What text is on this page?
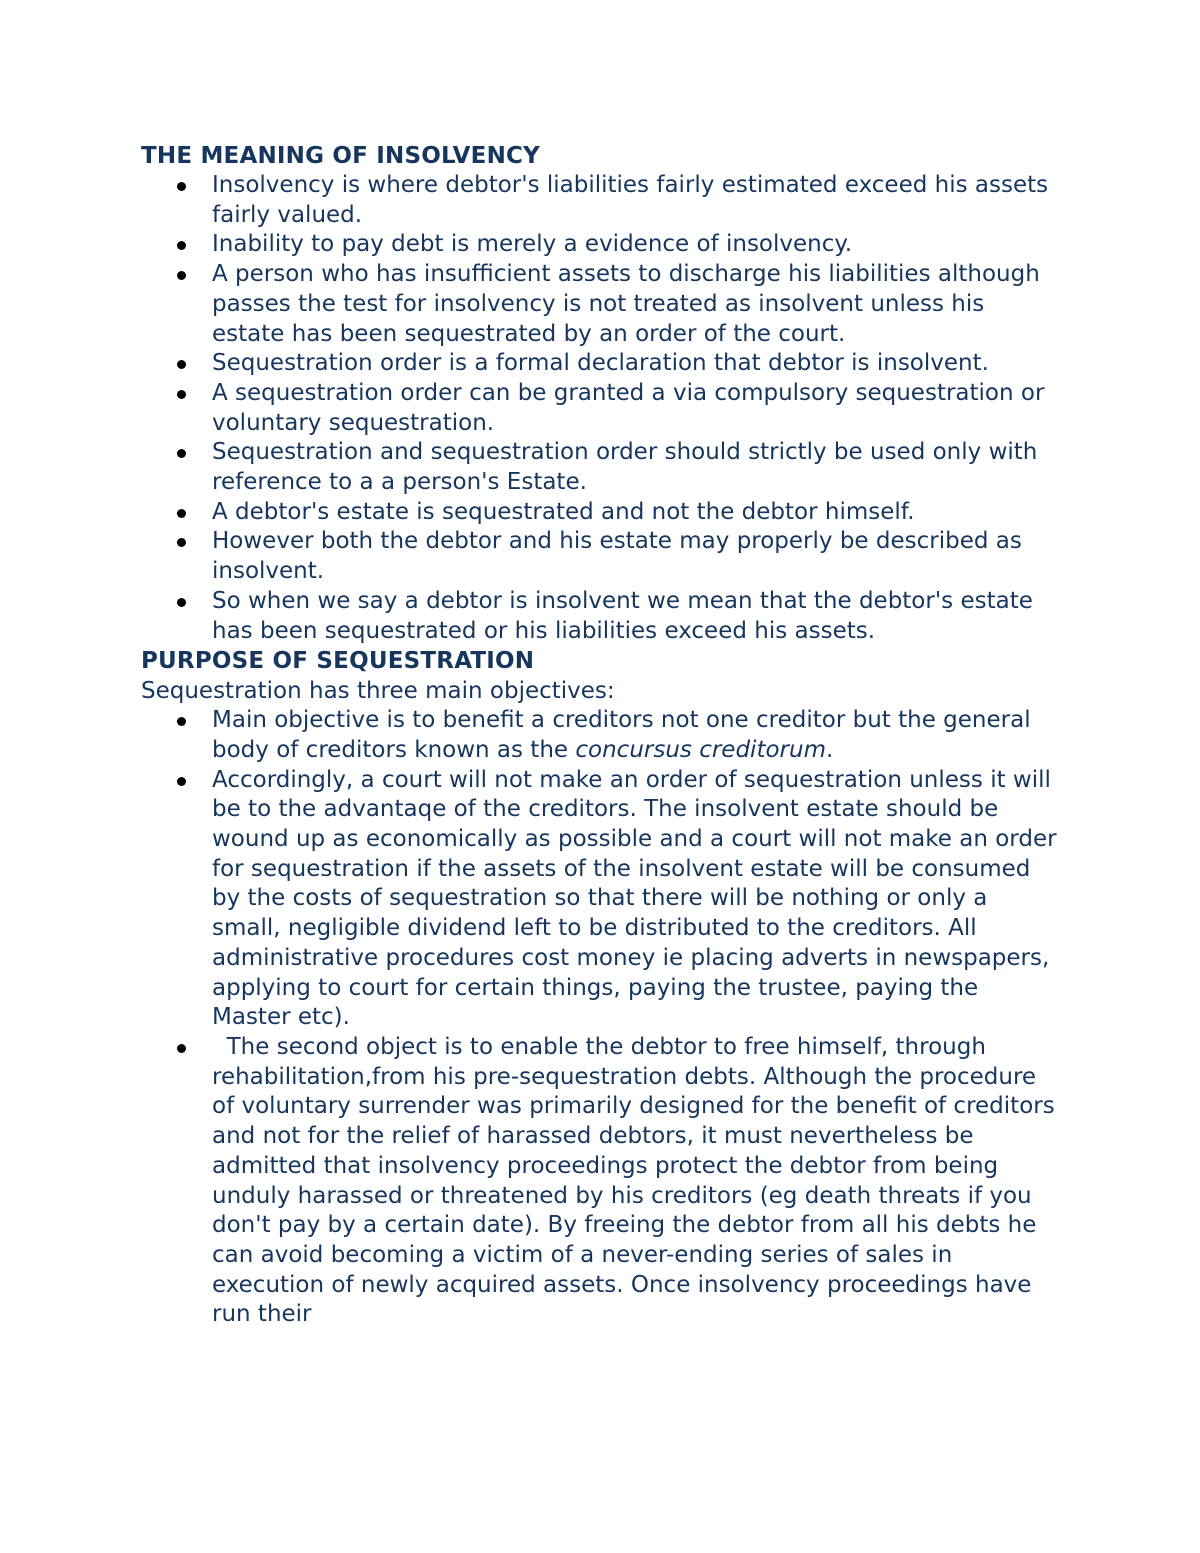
THE MEANING OF INSOLVENCY
Insolvency is where debtor's liabilities fairly estimated exceed his assets fairly valued.
Inability to pay debt is merely a evidence of insolvency.
A person who has insufficient assets to discharge his liabilities although passes the test for insolvency is not treated as insolvent unless his estate has been sequestrated by an order of the court.
Sequestration order is a formal declaration that debtor is insolvent.
A sequestration order can be granted a via compulsory sequestration or voluntary sequestration.
Sequestration and sequestration order should strictly be used only with reference to a a person's Estate.
A debtor's estate is sequestrated and not the debtor himself.
However both the debtor and his estate may properly be described as insolvent.
So when we say a debtor is insolvent we mean that the debtor's estate has been sequestrated or his liabilities exceed his assets.
PURPOSE OF SEQUESTRATION

Sequestration has three main objectives:

Main objective is to benefit a creditors not one creditor but the general body of creditors known as the concursus creditorum.
Accordingly, a court will not make an order of sequestration unless it will be to the advantaqe of the creditors. The insolvent estate should be wound up as economically as possible and a court will not make an order for sequestration if the assets of the insolvent estate will be consumed by the costs of sequestration so that there will be nothing or only a small, negligible dividend left to be distributed to the creditors. All administrative procedures cost money ie placing adverts in newspapers, applying to court for certain things, paying the trustee, paying the Master etc).
The second object is to enable the debtor to free himself, through rehabilitation,from his pre-sequestration debts. Although the procedure of voluntary surrender was primarily designed for the benefit of creditors and not for the relief of harassed debtors, it must nevertheless be admitted that insolvency proceedings protect the debtor from being unduly harassed or threatened by his creditors (eg death threats if you don't pay by a certain date). By freeing the debtor from all his debts he can avoid becoming a victim of a never-ending series of sales in execution of newly acquired assets. Once insolvency proceedings have run their
